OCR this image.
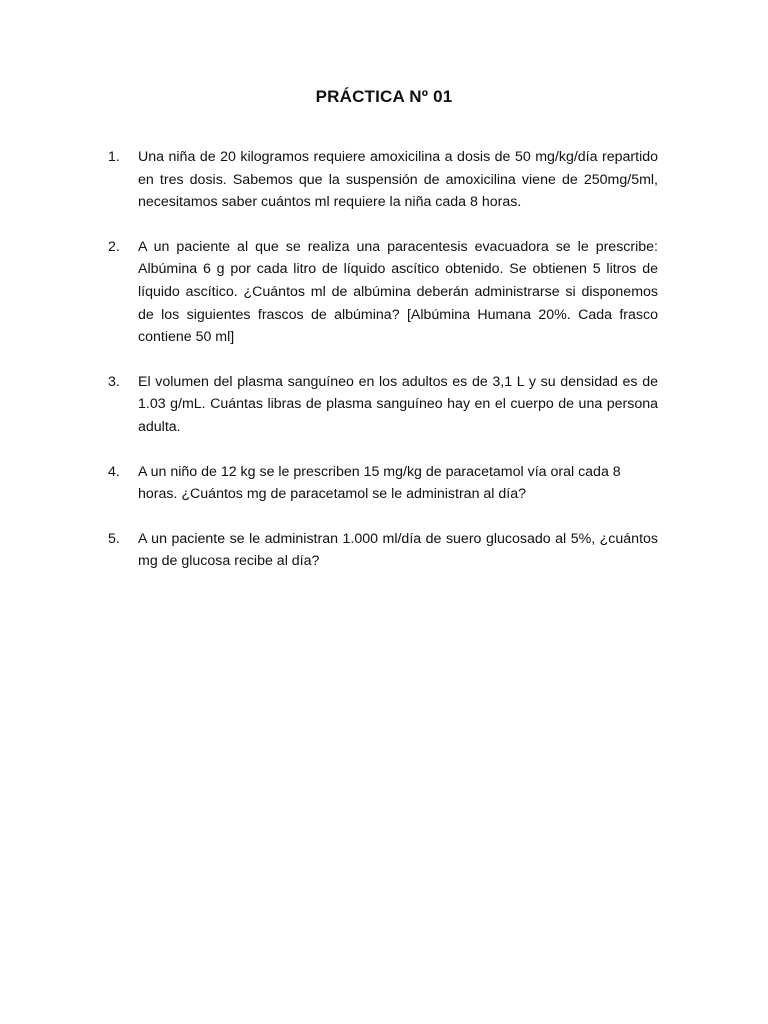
PRÁCTICA Nº 01
1.	Una niña de 20 kilogramos requiere amoxicilina a dosis de 50 mg/kg/día repartido en tres dosis. Sabemos que la suspensión de amoxicilina viene de 250mg/5ml, necesitamos saber cuántos ml requiere la niña cada 8 horas.
2.	A un paciente al que se realiza una paracentesis evacuadora se le prescribe: Albúmina 6 g por cada litro de líquido ascítico obtenido. Se obtienen 5 litros de líquido ascítico. ¿Cuántos ml de albúmina deberán administrarse si disponemos de los siguientes frascos de albúmina? [Albúmina Humana 20%. Cada frasco contiene 50 ml]
3.	El volumen del plasma sanguíneo en los adultos es de 3,1 L y su densidad es de 1.03 g/mL. Cuántas libras de plasma sanguíneo hay en el cuerpo de una persona adulta.
4.	A un niño de 12 kg se le prescriben 15 mg/kg de paracetamol vía oral cada 8 horas. ¿Cuántos mg de paracetamol se le administran al día?
5.	A un paciente se le administran 1.000 ml/día de suero glucosado al 5%, ¿cuántos mg de glucosa recibe al día?
